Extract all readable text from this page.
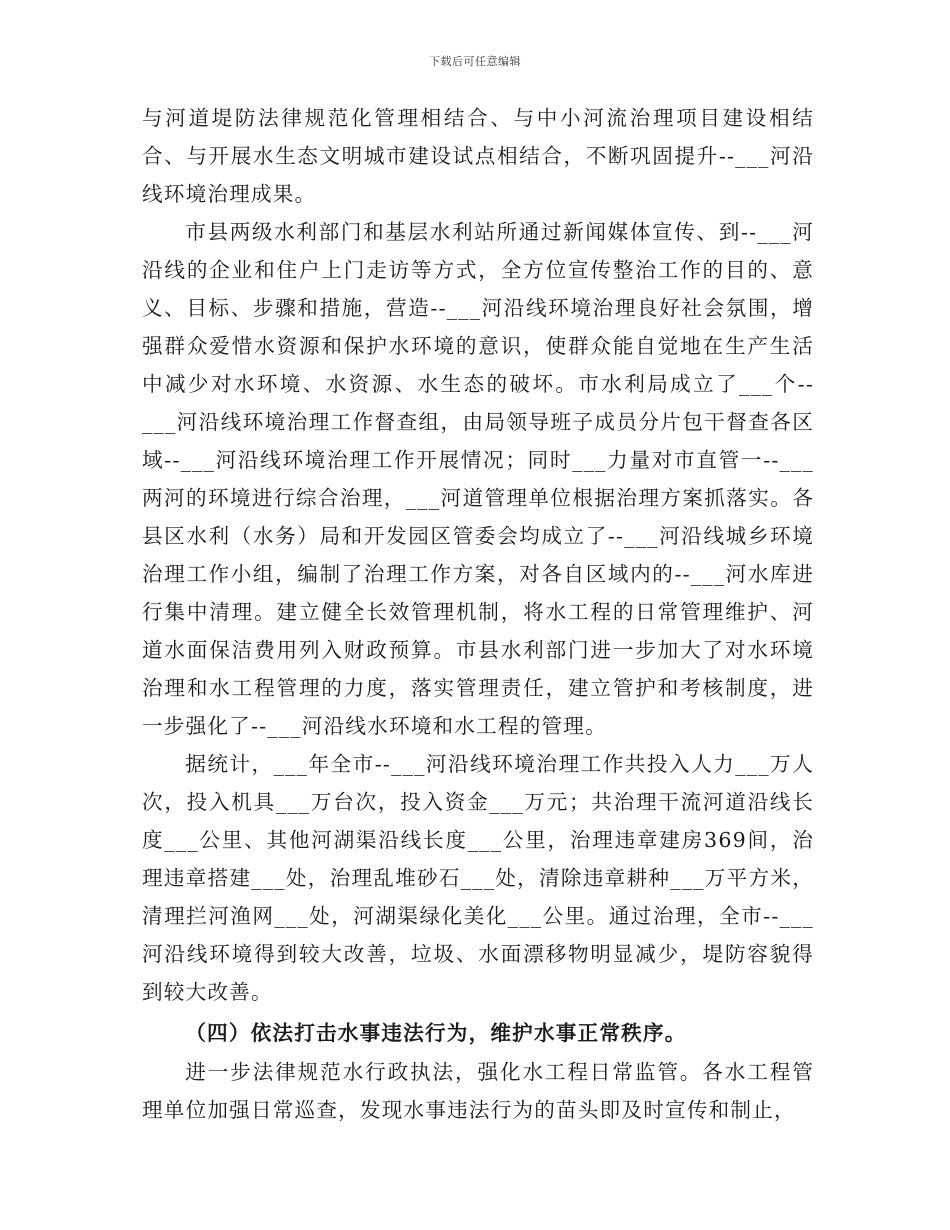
下载后可任意编辑

与河道堤防法律规范化管理相结合、与中小河流治理项目建设相结合、与开展水生态文明城市建设试点相结合，不断巩固提升--___河沿线环境治理成果。

市县两级水利部门和基层水利站所通过新闻媒体宣传、到--___河沿线的企业和住户上门走访等方式，全方位宣传整治工作的目的、意义、目标、步骤和措施，营造--___河沿线环境治理良好社会氛围，增强群众爱惜水资源和保护水环境的意识，使群众能自觉地在生产生活中减少对水环境、水资源、水生态的破坏。市水利局成立了___个--___河沿线环境治理工作督查组，由局领导班子成员分片包干督查各区域--___河沿线环境治理工作开展情况；同时___力量对市直管一--___两河的环境进行综合治理，___河道管理单位根据治理方案抓落实。各县区水利（水务）局和开发园区管委会均成立了--___河沿线城乡环境治理工作小组，编制了治理工作方案，对各自区域内的--___河水库进行集中清理。建立健全长效管理机制，将水工程的日常管理维护、河道水面保洁费用列入财政预算。市县水利部门进一步加大了对水环境治理和水工程管理的力度，落实管理责任，建立管护和考核制度，进一步强化了--___河沿线水环境和水工程的管理。

据统计，___年全市--___河沿线环境治理工作共投入人力___万人次，投入机具___万台次，投入资金___万元；共治理干流河道沿线长度___公里、其他河湖渠沿线长度___公里，治理违章建房369间，治理违章搭建___处，治理乱堆砂石___处，清除违章耕种___万平方米，清理拦河渔网___处，河湖渠绿化美化___公里。通过治理，全市--___河沿线环境得到较大改善，垃圾、水面漂移物明显减少，堤防容貌得到较大改善。

（四）依法打击水事违法行为，维护水事正常秩序。

进一步法律规范水行政执法，强化水工程日常监管。各水工程管理单位加强日常巡查，发现水事违法行为的苗头即及时宣传和制止，
